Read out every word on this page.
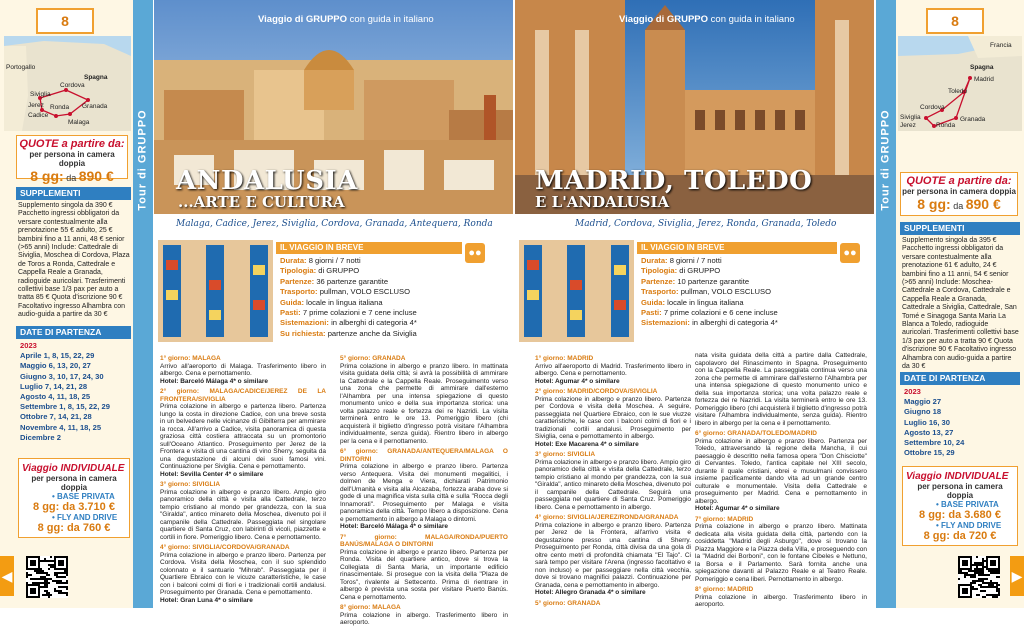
Tour di GRUPPO
8
Portogallo
Spagna
Cordova
Siviglia
Granada
Ronda
Jerez
Cadice
Malaga
QUOTE a partire da:
per persona in camera doppia
8 gg: da 890 €
SUPPLEMENTI
Supplemento singola da 390 € Pacchetto ingressi obbligatori da versare contestualmente alla prenotazione 55 € adulto, 25 € bambini fino a 11 anni, 48 € senior (>65 anni) Include: Cattedrale di Siviglia, Moschea di Cordova, Plaza de Toros a Ronda, Cattedrale e Cappella Reale a Granada, radioguide auricolari. Trasferimenti collettivi base 1/3 pax per auto a tratta 85 € Quota d'iscrizione 90 € Facoltativo ingresso Alhambra con audio-guida a partire da 30 €
DATE DI PARTENZA
2023
Aprile 1, 8, 15, 22, 29
Maggio 6, 13, 20, 27
Giugno 3, 10, 17, 24, 30
Luglio 7, 14, 21, 28
Agosto 4, 11, 18, 25
Settembre 1, 8, 15, 22, 29
Ottobre 7, 14, 21, 28
Novembre 4, 11, 18, 25
Dicembre 2
Viaggio INDIVIDUALE
per persona in camera doppia
• BASE PRIVATA
8 gg: da 3.710 €
• FLY AND DRIVE
8 gg: da 760 €
◀
Viaggio di GRUPPO con guida in italiano
ANDALUSIA
...ARTE E CULTURA
Malaga, Cadice, Jerez, Siviglia, Cordova, Granada, Antequera, Ronda
IL VIAGGIO IN BREVE	●●
Durata: 8 giorni / 7 notti
Tipologia: di GRUPPO
Partenze: 36 partenze garantite
Trasporto: pullman, VOLO ESCLUSO
Guida: locale in lingua italiana
Pasti: 7 prime colazioni e 7 cene incluse
Sistemazioni: in alberghi di categoria 4*
Su richiesta: partenze anche da Siviglia
1° giorno: MALAGA
Arrivo all'aeroporto di Malaga. Trasferimento libero in albergo. Cena e pernottamento.
Hotel: Barceló Málaga 4* o similare
2° giorno: MALAGA/CADICE/JEREZ DE LA FRONTERA/SIVIGLIA
Prima colazione in albergo e partenza libero. Partenza lungo la costa in direzione Cadice, con una breve sosta in un belvedere nelle vicinanze di Gibilterra per ammirare la rocca. All'arrivo a Cadice, visita panoramica di questa graziosa città costiera attraccata su un promontorio sull'Oceano Atlantico. Proseguimento per Jerez de la Frontera e visita di una cantina di vino Sherry, seguita da una degustazione di alcuni dei suoi famosi vini. Continuazione per Siviglia. Cena e pernottamento.
Hotel: Sevilla Center 4* o similare
3° giorno: SIVIGLIA
Prima colazione in albergo e pranzo libero. Ampio giro panoramico della città e visita alla Cattedrale, terzo tempio cristiano al mondo per grandezza, con la sua "Giralda", antico minareto della Moschea, divenuto poi il campanile della Cattedrale. Passeggiata nel singolare quartiere di Santa Cruz, con labirinti di vicoli, piazzette e cortili in fiore. Pomeriggio libero. Cena e pernottamento.
4° giorno: SIVIGLIA/CORDOVA/GRANADA
Prima colazione in albergo e pranzo libero. Partenza per Cordova. Visita della Moschea, con il suo splendido colonnato e il santuario "Mihrab". Passeggiata per il Quartiere Ebraico con le vicuze caratteristiche, le case con i balconi colmi di fiori e i tradizionali cortili andalusi. Proseguimento per Granada. Cena e pernottamento.
Hotel: Gran Luna 4* o similare
5° giorno: GRANADA
Prima colazione in albergo e pranzo libero. In mattinata visita guidata della città; si avrà la possibilità di ammirare la Cattedrale e la Cappella Reale. Proseguimento verso una zona che permette di ammirare dall'esterno l'Alhambra per una intensa spiegazione di questo monumento unico e della sua importanza storica: una volta palazzo reale e fortezza dei re Nazridi. La visita terminerà entro le ore 13. Pomeriggio libero (chi acquisterà il biglietto d'ingresso potrà visitare l'Alhambra individualmente, senza guida). Rientro libero in albergo per la cena e il pernottamento.
6° giorno: GRANADA/ANTEQUERA/MALAGA O DINTORNI
Prima colazione in albergo e pranzo libero. Partenza verso Antequera. Visita dei monumenti megalitici, i dolmen de Menga e Viera, dichiarati Patrimonio dell'Umanità e visita alla Alcazaba, fortezza araba dove si gode di una magnifica vista sulla città e sulla "Rocca degli Innamorati". Proseguimento per Malaga e visita panoramica della città. Tempo libero a disposizione. Cena e pernottamento in albergo a Malaga o dintorni.
Hotel: Barceló Málaga 4* o similare
7° giorno: MALAGA/RONDA/PUERTO BANÚS/MALAGA O DINTORNI
Prima colazione in albergo e pranzo libero. Partenza per Ronda. Visita del quartiere antico, dove si trova la Collegiata di Santa Maria, un importante edificio rinascimentale. Si prosegue con la visita della "Plaza de Toros", rivalente ai Settecento. Prima di rientrare in albergo è prevista una sosta per visitare Puerto Banús. Cena e pernottamento.
8° giorno: MALAGA
Prima colazione in albergo. Trasferimento libero in aeroporto.
Viaggio di GRUPPO con guida in italiano
MADRID, TOLEDO
E L'ANDALUSIA
Madrid, Cordova, Siviglia, Jerez, Ronda, Granada, Toledo
IL VIAGGIO IN BREVE	●●
Durata: 8 giorni / 7 notti
Tipologia: di GRUPPO
Partenze: 10 partenze garantite
Trasporto: pullman, VOLO ESCLUSO
Guida: locale in lingua italiana
Pasti: 7 prime colazioni e 6 cene incluse
Sistemazioni: in alberghi di categoria 4*
1° giorno: MADRID
Arrivo all'aeroporto di Madrid. Trasferimento libero in albergo. Cena e pernottamento.
Hotel: Agumar 4* o similare
2° giorno: MADRID/CORDOVA/SIVIGLIA
Prima colazione in albergo e pranzo libero. Partenza per Cordova e visita della Moschea. A seguire, passeggiata nel Quartiere Ebraico, con le sue viuzze caratteristiche, le case con i balconi colmi di fiori e i tradizionali cortili andalusi. Proseguimento per Siviglia, cena e pernottamento in albergo.
Hotel: Exe Macarena 4* o similare
3° giorno: SIVIGLIA
Prima colazione in albergo e pranzo libero. Ampio giro panoramico della città e visita della Cattedrale, terzo tempio cristiano al mondo per grandezza, con la sua "Giralda", antico minareto della Moschea, divenuto poi il campanile della Cattedrale. Seguirà una passeggiata nel quartiere di Santa Cruz. Pomeriggio libero. Cena e pernottamento in albergo.
4° giorno: SIVIGLIA/JEREZ/RONDA/GRANADA
Prima colazione in albergo e pranzo libero. Partenza per Jerez de la Frontera, all'arrivo visita e degustazione presso una cantina di Sherry. Proseguimento per Ronda, città divisa da una gola di oltre cento metri di profondità chiamata "El Tajo". Ci sarà tempo per visitare l'Arena (ingresso facoltativo e non incluso) e per passeggiare nella città vecchia, dove si trovano magnifici palazzi. Continuazione per Granada, cena e pernottamento in albergo.
Hotel: Allegro Granada 4* o similare
5° giorno: GRANADA
nata visita guidata della città a partire dalla Cattedrale, capolavoro del Rinascimento in Spagna. Proseguimento con la Cappella Reale. La passeggiata continua verso una zona che permette di ammirare dall'esterno l'Alhambra per una intensa spiegazione di questo monumento unico e della sua importanza storica; una volta palazzo reale e fortezza dei re Nazridi. La visita terminerà entro le ore 13. Pomeriggio libero (chi acquisterà il biglietto d'ingresso potrà visitare l'Alhambra individualmente, senza guida). Rientro libero in albergo per la cena e il pernottamento.
6° giorno: GRANADA/TOLEDO/MADRID
Prima colazione in albergo e pranzo libero. Partenza per Toledo, attraversando la regione della Mancha, il cui paesaggio è descritto nella famosa opera "Don Chisciotte" di Cervantes. Toledo, l'antica capitale nel XIII secolo, durante il quale cristiani, ebrei e musulmani convissero insieme pacificamente dando vita ad un grande centro culturale e monumentale. Visita della Cattedrale e proseguimento per Madrid. Cena e pernottamento in albergo.
Hotel: Agumar 4* o similare
7° giorno: MADRID
Prima colazione in albergo e pranzo libero. Mattinata dedicata alla visita guidata della città, partendo con la cosiddetta "Madrid degli Asburgo", dove si trovano la Piazza Maggiore e la Piazza della Villa, e proseguendo con la "Madrid dei Borboni", con le fontane Cibeles e Nettuno, la Borsa e il Parlamento. Sarà fornita anche una spiegazione davanti al Palazzo Reale e al Teatro Reale. Pomeriggio e cena liberi. Pernottamento in albergo.
8° giorno: MADRID
Prima colazione in albergo. Trasferimento libero in aeroporto.
Tour di GRUPPO
8
Francia
Spagna
Madrid
Toledo
Cordova
Granada
Siviglia
Jerez	Ronda
QUOTE a partire da:
per persona in camera doppia
8 gg: da 890 €
SUPPLEMENTI
Supplemento singola da 395 € Pacchetto ingressi obbligatori da versare contestualmente alla prenotazione 61 € adulto, 24 € bambini fino a 11 anni, 54 € senior (>65 anni) Include: Moschea-Cattedrale a Cordova, Cattedrale e Cappella Reale a Granada, Cattedrale a Siviglia, Cattedrale, San Tomé e Sinagoga Santa Maria La Blanca a Toledo, radioguide auricolari. Trasferimenti collettivi base 1/3 pax per auto a tratta 90 € Quota d'iscrizione 90 € Facoltativo ingresso Alhambra con audio-guida a partire da 30 €
DATE DI PARTENZA
2023
Maggio 27
Giugno 18
Luglio 16, 30
Agosto 13, 27
Settembre 10, 24
Ottobre 15, 29
Viaggio INDIVIDUALE
per persona in camera doppia
• BASE PRIVATA
8 gg: da 3.680 €
• FLY AND DRIVE
8 gg: da 720 €
▶
